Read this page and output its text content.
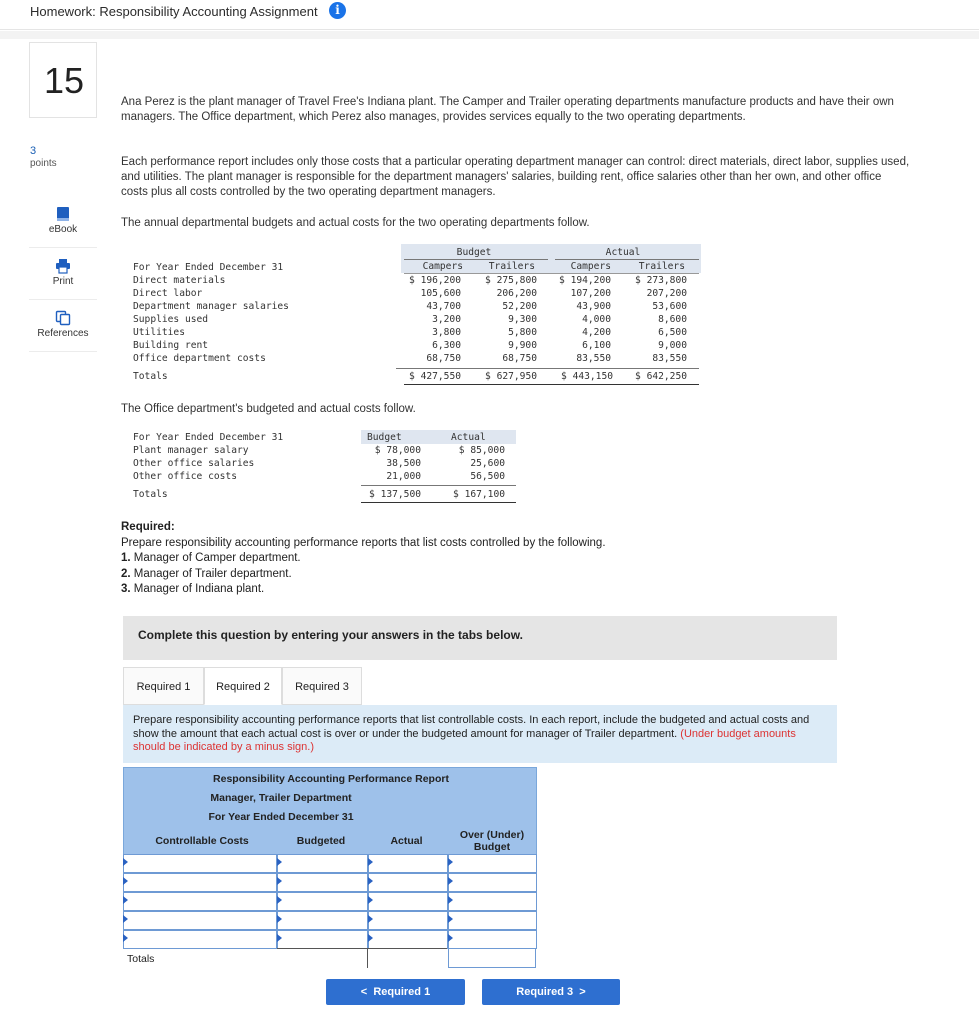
Homework: Responsibility Accounting Assignment	i
15
3
points
eBook
Print
References

Ana Perez is the plant manager of Travel Free's Indiana plant. The Camper and Trailer operating departments manufacture products and have their own managers. The Office department, which Perez also manages, provides services equally to the two operating departments.

Each performance report includes only those costs that a particular operating department manager can control: direct materials, direct labor, supplies used, and utilities. The plant manager is responsible for the department managers' salaries, building rent, office salaries other than her own, and other office costs plus all costs controlled by the two operating department managers.

The annual departmental budgets and actual costs for the two operating departments follow.

Budget	Actual
For Year Ended December 31	Campers	Trailers	Campers	Trailers
Direct materials	$ 196,200	$ 275,800	$ 194,200	$ 273,800
Direct labor	105,600	206,200	107,200	207,200
Department manager salaries	43,700	52,200	43,900	53,600
Supplies used	3,200	9,300	4,000	8,600
Utilities	3,800	5,800	4,200	6,500
Building rent	6,300	9,900	6,100	9,000
Office department costs	68,750	68,750	83,550	83,550
Totals	$ 427,550	$ 627,950	$ 443,150	$ 642,250

The Office department's budgeted and actual costs follow.

For Year Ended December 31	Budget	Actual
Plant manager salary	$ 78,000	$ 85,000
Other office salaries	38,500	25,600
Other office costs	21,000	56,500
Totals	$ 137,500	$ 167,100
Required:
Prepare responsibility accounting performance reports that list costs controlled by the following.
1. Manager of Camper department.
2. Manager of Trailer department.
3. Manager of Indiana plant.
Complete this question by entering your answers in the tabs below.
Required 1	Required 2	Required 3
Prepare responsibility accounting performance reports that list controllable costs. In each report, include the budgeted and actual costs and show the amount that each actual cost is over or under the budgeted amount for manager of Trailer department. (Under budget amounts should be indicated by a minus sign.)
Responsibility Accounting Performance Report
Manager, Trailer Department
For Year Ended December 31
Controllable Costs	Budgeted	Actual	Over (Under)
Budget
Totals
<  Required 1	Required 3  >
